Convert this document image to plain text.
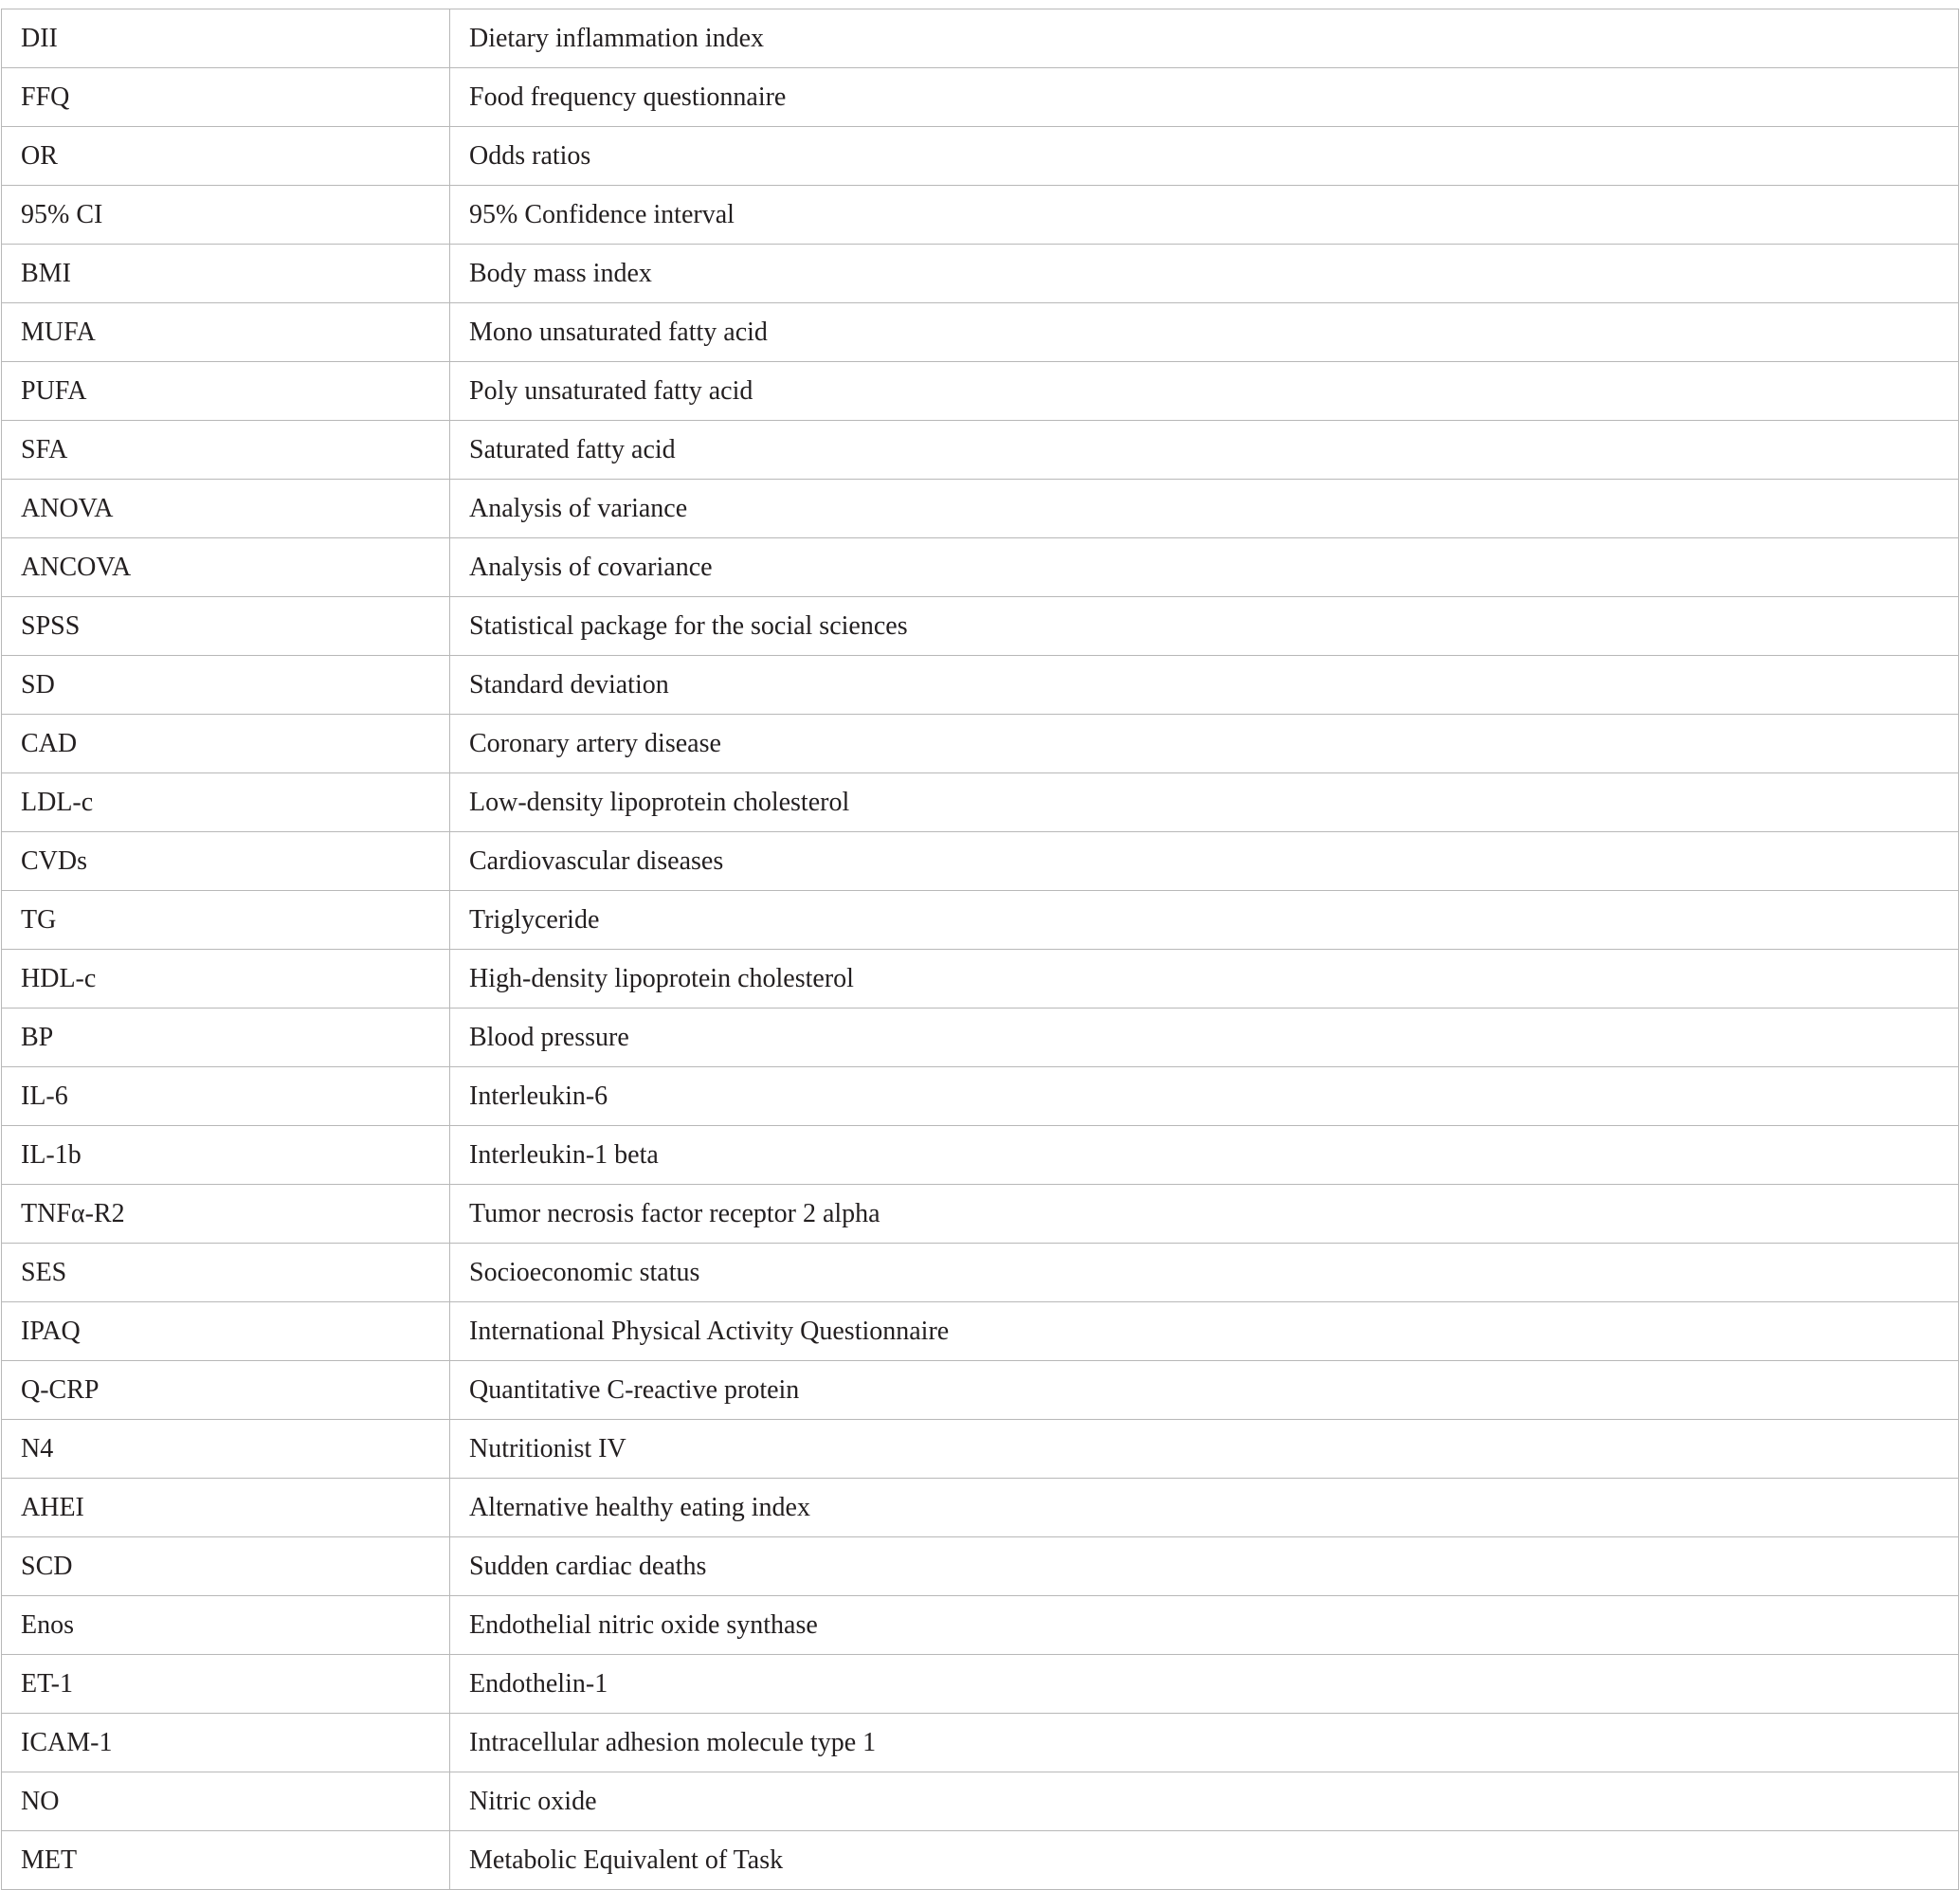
DII	Dietary inflammation index
FFQ	Food frequency questionnaire
OR	Odds ratios
95% CI	95% Confidence interval
BMI	Body mass index
MUFA	Mono unsaturated fatty acid
PUFA	Poly unsaturated fatty acid
SFA	Saturated fatty acid
ANOVA	Analysis of variance
ANCOVA	Analysis of covariance
SPSS	Statistical package for the social sciences
SD	Standard deviation
CAD	Coronary artery disease
LDL-c	Low-density lipoprotein cholesterol
CVDs	Cardiovascular diseases
TG	Triglyceride
HDL-c	High-density lipoprotein cholesterol
BP	Blood pressure
IL-6	Interleukin-6
IL-1b	Interleukin-1 beta
TNFα-R2	Tumor necrosis factor receptor 2 alpha
SES	Socioeconomic status
IPAQ	International Physical Activity Questionnaire
Q-CRP	Quantitative C-reactive protein
N4	Nutritionist IV
AHEI	Alternative healthy eating index
SCD	Sudden cardiac deaths
Enos	Endothelial nitric oxide synthase
ET-1	Endothelin-1
ICAM-1	Intracellular adhesion molecule type 1
NO	Nitric oxide
MET	Metabolic Equivalent of Task
